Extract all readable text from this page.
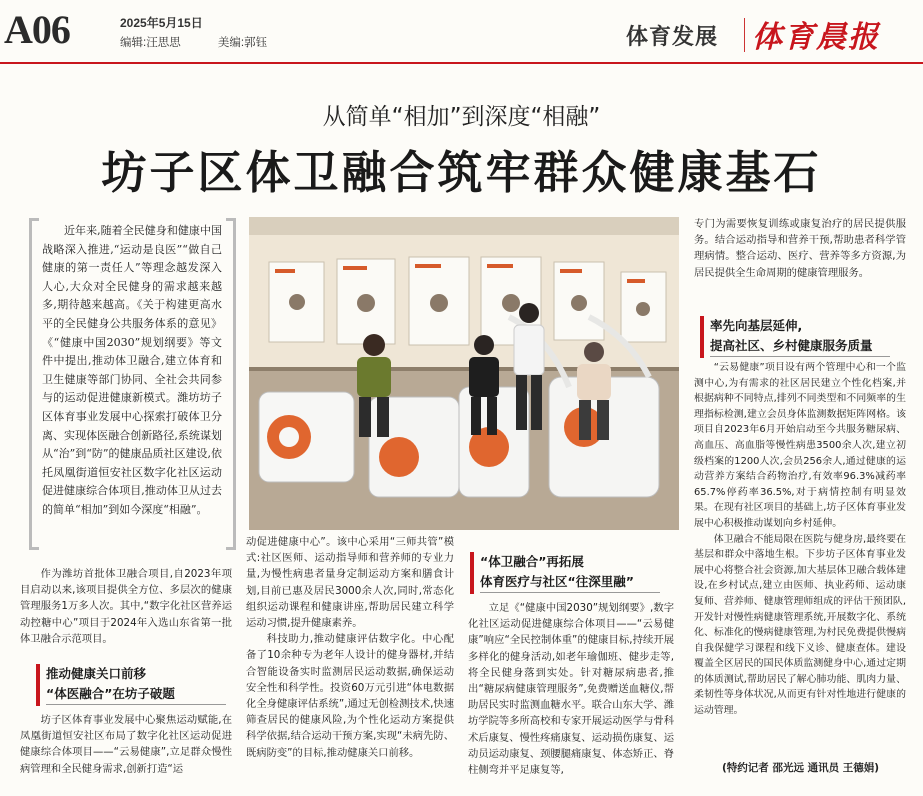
A06	2025年5月15日
编辑:汪思思	美编:郭钰	体育发展 体育晨报
从简单“相加”到深度“相融”
坊子区体卫融合筑牢群众健康基石
近年来,随着全民健身和健康中国战略深入推进,“运动是良医”“做自己健康的第一责任人”等理念越发深入人心,大众对全民健身的需求越来越多,期待越来越高。《关于构建更高水平的全民健身公共服务体系的意见》《“健康中国2030”规划纲要》等文件中提出,推动体卫融合,建立体育和卫生健康等部门协同、全社会共同参与的运动促进健康新模式。潍坊坊子区体育事业发展中心探索打破体卫分离、实现体医融合创新路径,系统谋划从“治”到“防”的健康品质社区建设,依托凤凰街道恒安社区数字化社区运动促进健康综合体项目,推动体卫从过去的简单“相加”到如今深度“相融”。

作为潍坊首批体卫融合项目,自2023年项目启动以来,该项目提供全方位、多层次的健康管理服务1万多人次。其中,“数字化社区营养运动控糖中心”项目于2024年入选山东省第一批体卫融合示范项目。

推动健康关口前移
“体医融合”在坊子破题

坊子区体育事业发展中心聚焦运动赋能,在凤凰街道恒安社区布局了数字化社区运动促进健康综合体项目——“云易健康”,立足群众慢性病管理和全民健身需求,创新打造“运

动促进健康中心”。该中心采用“三师共管”模式:社区医师、运动指导师和营养师的专业力量,为慢性病患者量身定制运动方案和膳食计划,目前已惠及居民3000余人次,同时,常态化组织运动课程和健康讲座,帮助居民建立科学运动习惯,提升健康素养。

科技助力,推动健康评估数字化。中心配备了10余种专为老年人设计的健身器材,并结合智能设备实时监测居民运动数据,确保运动安全性和科学性。投资60万元引进“体电数据化全身健康评估系统”,通过无创检测技术,快速筛查居民的健康风险,为个性化运动方案提供科学依据,结合运动干预方案,实现“未病先防、既病防变”的目标,推动健康关口前移。

“体卫融合”再拓展
体育医疗与社区“往深里融”

立足《“健康中国2030”规划纲要》,数字化社区运动促进健康综合体项目——“云易健康”响应“全民控制体重”的健康目标,持续开展多样化的健身活动,如老年瑜伽班、健步走等,将全民健身落到实处。针对糖尿病患者,推出“糖尿病健康管理服务”,免费赠送血糖仪,帮助居民实时监测血糖水平。联合山东大学、潍坊学院等多所高校和专家开展运动医学与骨科术后康复、慢性疼痛康复、运动损伤康复、运动员运动康复、颈腰腿痛康复、体态矫正、脊柱侧弯并平足康复等,

专门为需要恢复训练或康复治疗的居民提供服务。结合运动指导和营养干预,帮助患者科学管理病情。整合运动、医疗、营养等多方资源,为居民提供全生命周期的健康管理服务。

率先向基层延伸,
提高社区、乡村健康服务质量

“云易健康”项目设有两个管理中心和一个监测中心,为有需求的社区居民建立个性化档案,并根据病种不同特点,排列不同类型和不同频率的生理指标检测,建立会员身体监测数据矩阵网格。该项目自2023年6月开始启动至今共服务糖尿病、高血压、高血脂等慢性病患3500余人次,建立初级档案的1200人次,会员256余人,通过健康的运动营养方案结合药物治疗,有效率96.3%减药率65.7%停药率36.5%,对于病情控制有明显效果。在现有社区项目的基础上,坊子区体育事业发展中心积极推动谋划向乡村延伸。

体卫融合不能局限在医院与健身房,最终要在基层和群众中落地生根。下步坊子区体育事业发展中心将整合社会资源,加大基层体卫融合载体建设,在乡村试点,建立由医师、执业药师、运动康复师、营养师、健康管理师组成的评估干预团队,开发针对慢性病健康管理系统,开展数字化、系统化、标准化的慢病健康管理,为村民免费提供慢病自我保健学习课程和线下义诊、健康查体。建设覆盖全区居民的国民体质监测健身中心,通过定期的体质测试,帮助居民了解心肺功能、肌肉力量、柔韧性等身体状况,从而更有针对性地进行健康的运动管理。

(特约记者 邵光远 通讯员 王德娟)
